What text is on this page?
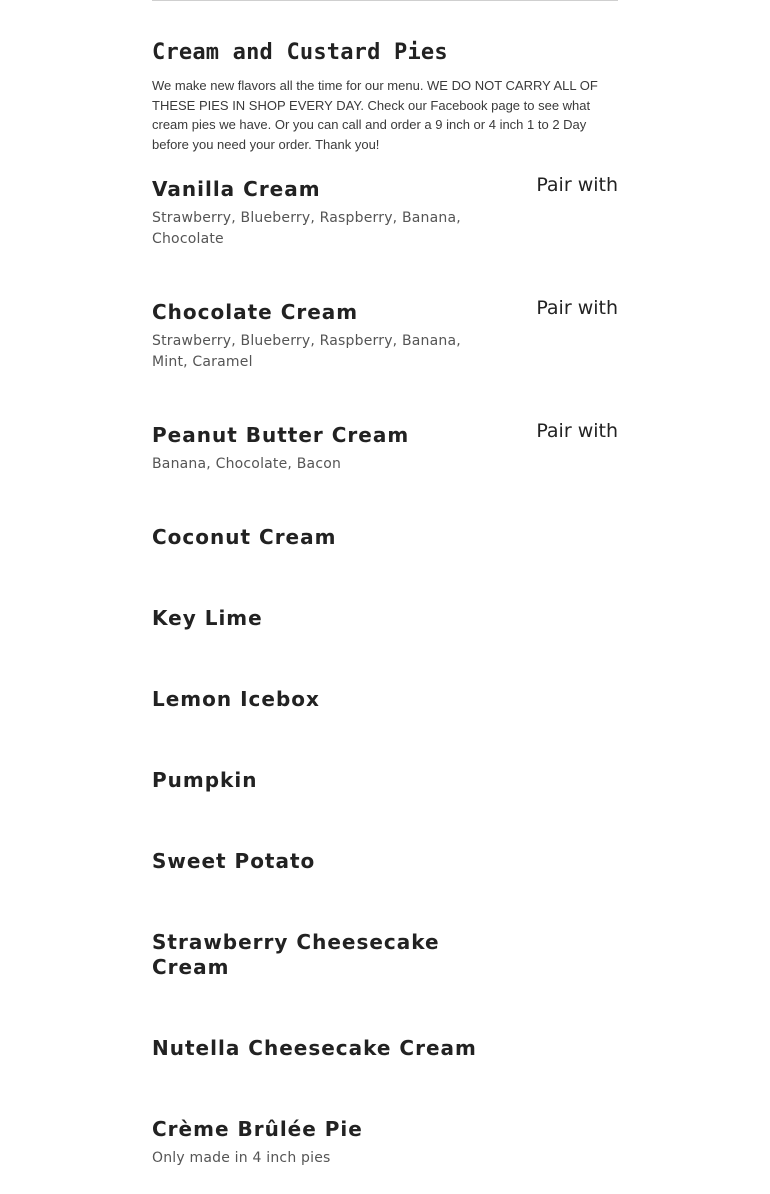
Cream and Custard Pies

We make new flavors all the time for our menu. WE DO NOT CARRY ALL OF THESE PIES IN SHOP EVERY DAY. Check our Facebook page to see what cream pies we have. Or you can call and order a 9 inch or 4 inch 1 to 2 Day before you need your order. Thank you!

Vanilla Cream

Strawberry, Blueberry, Raspberry, Banana, Chocolate

Pair with
Chocolate Cream

Strawberry, Blueberry, Raspberry, Banana, Mint, Caramel

Pair with
Peanut Butter Cream

Banana, Chocolate, Bacon

Pair with
Coconut Cream
Key Lime
Lemon Icebox
Pumpkin
Sweet Potato
Strawberry Cheesecake Cream
Nutella Cheesecake Cream
Crème Brûlée Pie

Only made in 4 inch pies
